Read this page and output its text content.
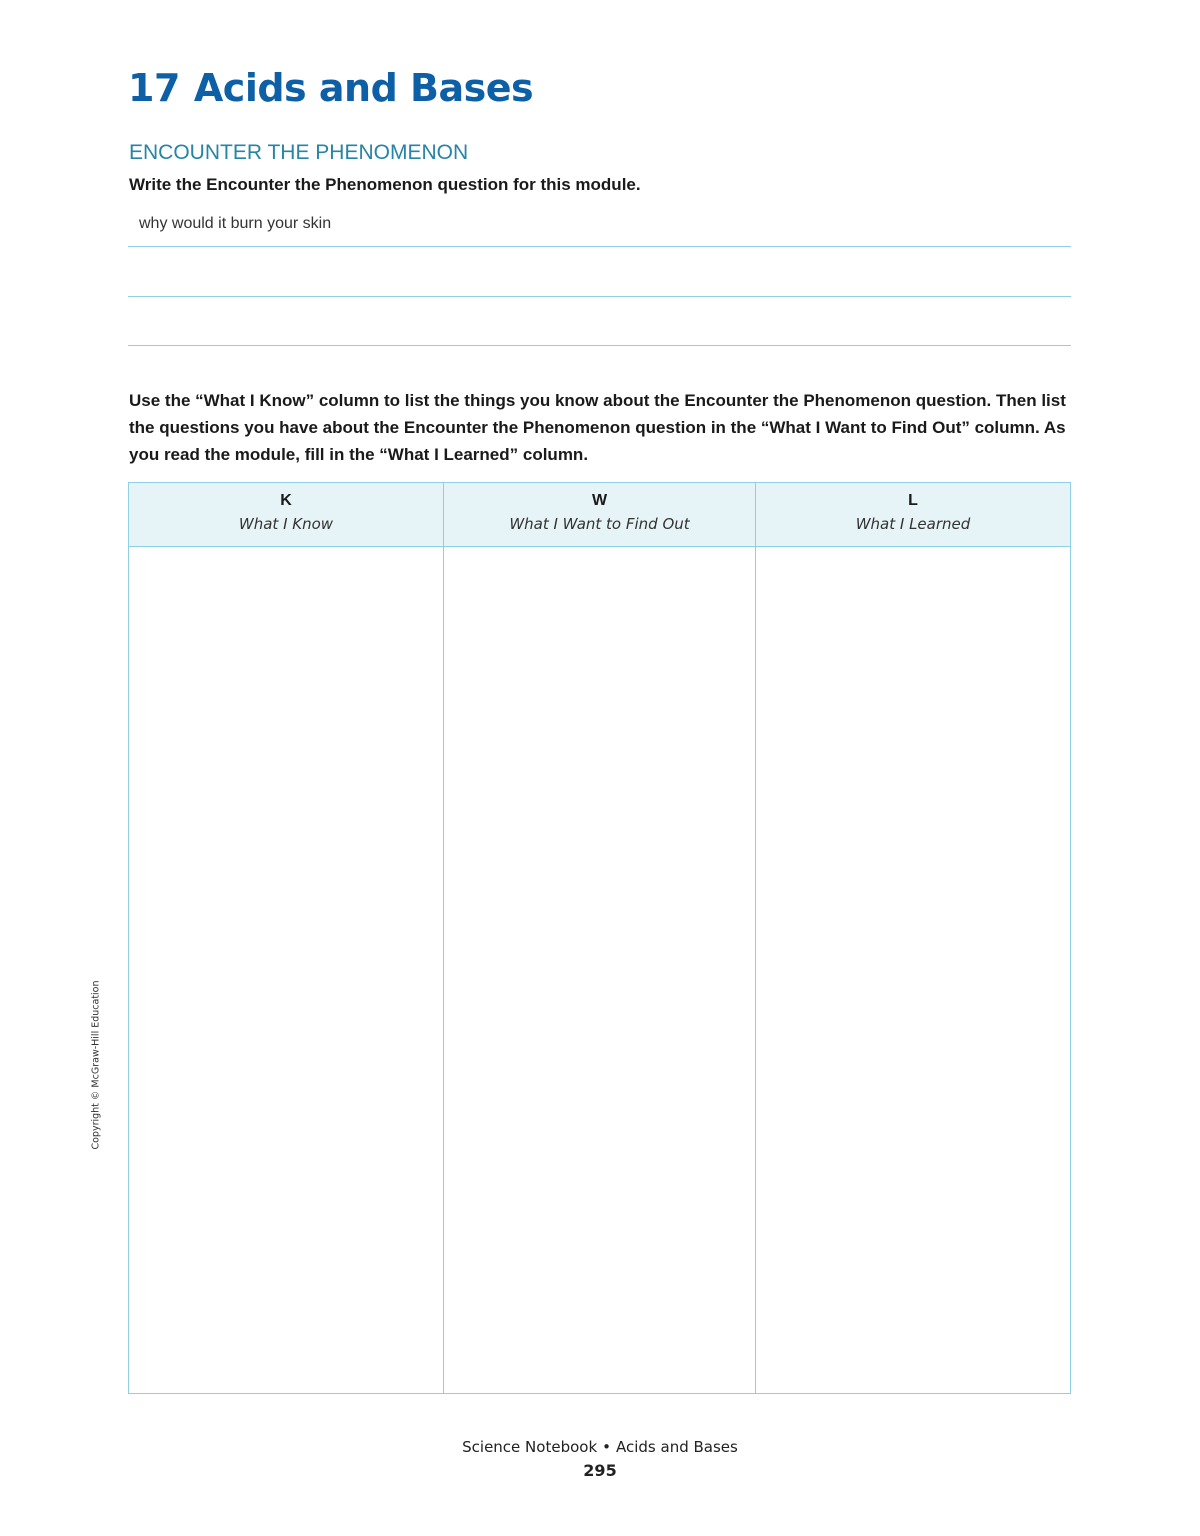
17 Acids and Bases
ENCOUNTER THE PHENOMENON

Write the Encounter the Phenomenon question for this module.

why would it burn your skin

Use the “What I Know” column to list the things you know about the Encounter the Phenomenon question. Then list the questions you have about the Encounter the Phenomenon question in the “What I Want to Find Out” column. As you read the module, fill in the “What I Learned” column.

K
What I Know
W
What I Want to Find Out
L
What I Learned
Copyright © McGraw-Hill Education
Science Notebook • Acids and Bases
295
